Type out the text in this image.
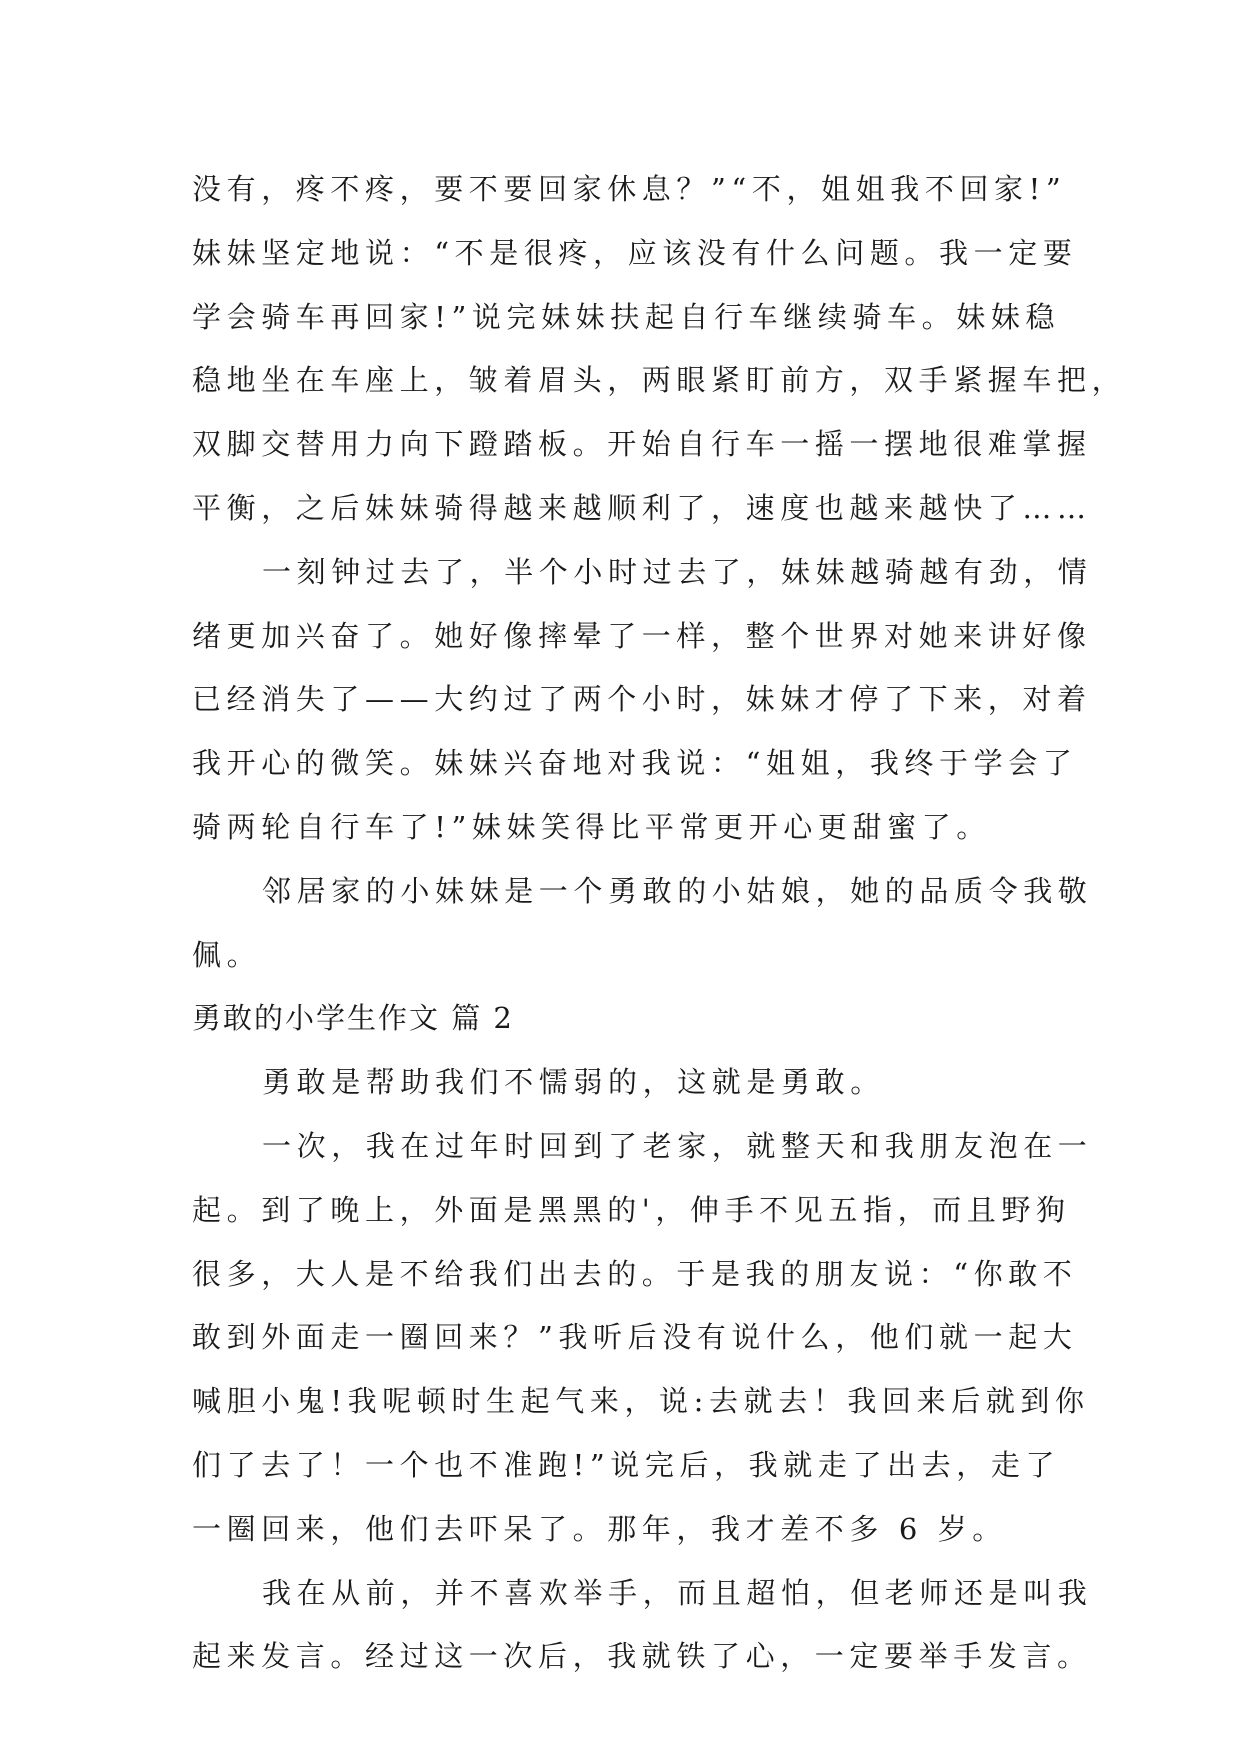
没有，疼不疼，要不要回家休息？”“不，姐姐我不回家!”
妹妹坚定地说：“不是很疼，应该没有什么问题。我一定要
学会骑车再回家!”说完妹妹扶起自行车继续骑车。妹妹稳
稳地坐在车座上，皱着眉头，两眼紧盯前方，双手紧握车把，
双脚交替用力向下蹬踏板。开始自行车一摇一摆地很难掌握
平衡，之后妹妹骑得越来越顺利了，速度也越来越快了……
一刻钟过去了，半个小时过去了，妹妹越骑越有劲，情
绪更加兴奋了。她好像摔晕了一样，整个世界对她来讲好像
已经消失了——大约过了两个小时，妹妹才停了下来，对着
我开心的微笑。妹妹兴奋地对我说：“姐姐，我终于学会了
骑两轮自行车了!”妹妹笑得比平常更开心更甜蜜了。
邻居家的小妹妹是一个勇敢的小姑娘，她的品质令我敬
佩。
勇敢的小学生作文 篇 2
勇敢是帮助我们不懦弱的，这就是勇敢。
一次，我在过年时回到了老家，就整天和我朋友泡在一
起。到了晚上，外面是黑黑的'，伸手不见五指，而且野狗
很多，大人是不给我们出去的。于是我的朋友说：“你敢不
敢到外面走一圈回来？”我听后没有说什么，他们就一起大
喊胆小鬼!我呢顿时生起气来，说:去就去！我回来后就到你
们了去了！一个也不准跑!”说完后，我就走了出去，走了
一圈回来，他们去吓呆了。那年，我才差不多 6 岁。
我在从前，并不喜欢举手，而且超怕，但老师还是叫我
起来发言。经过这一次后，我就铁了心，一定要举手发言。
